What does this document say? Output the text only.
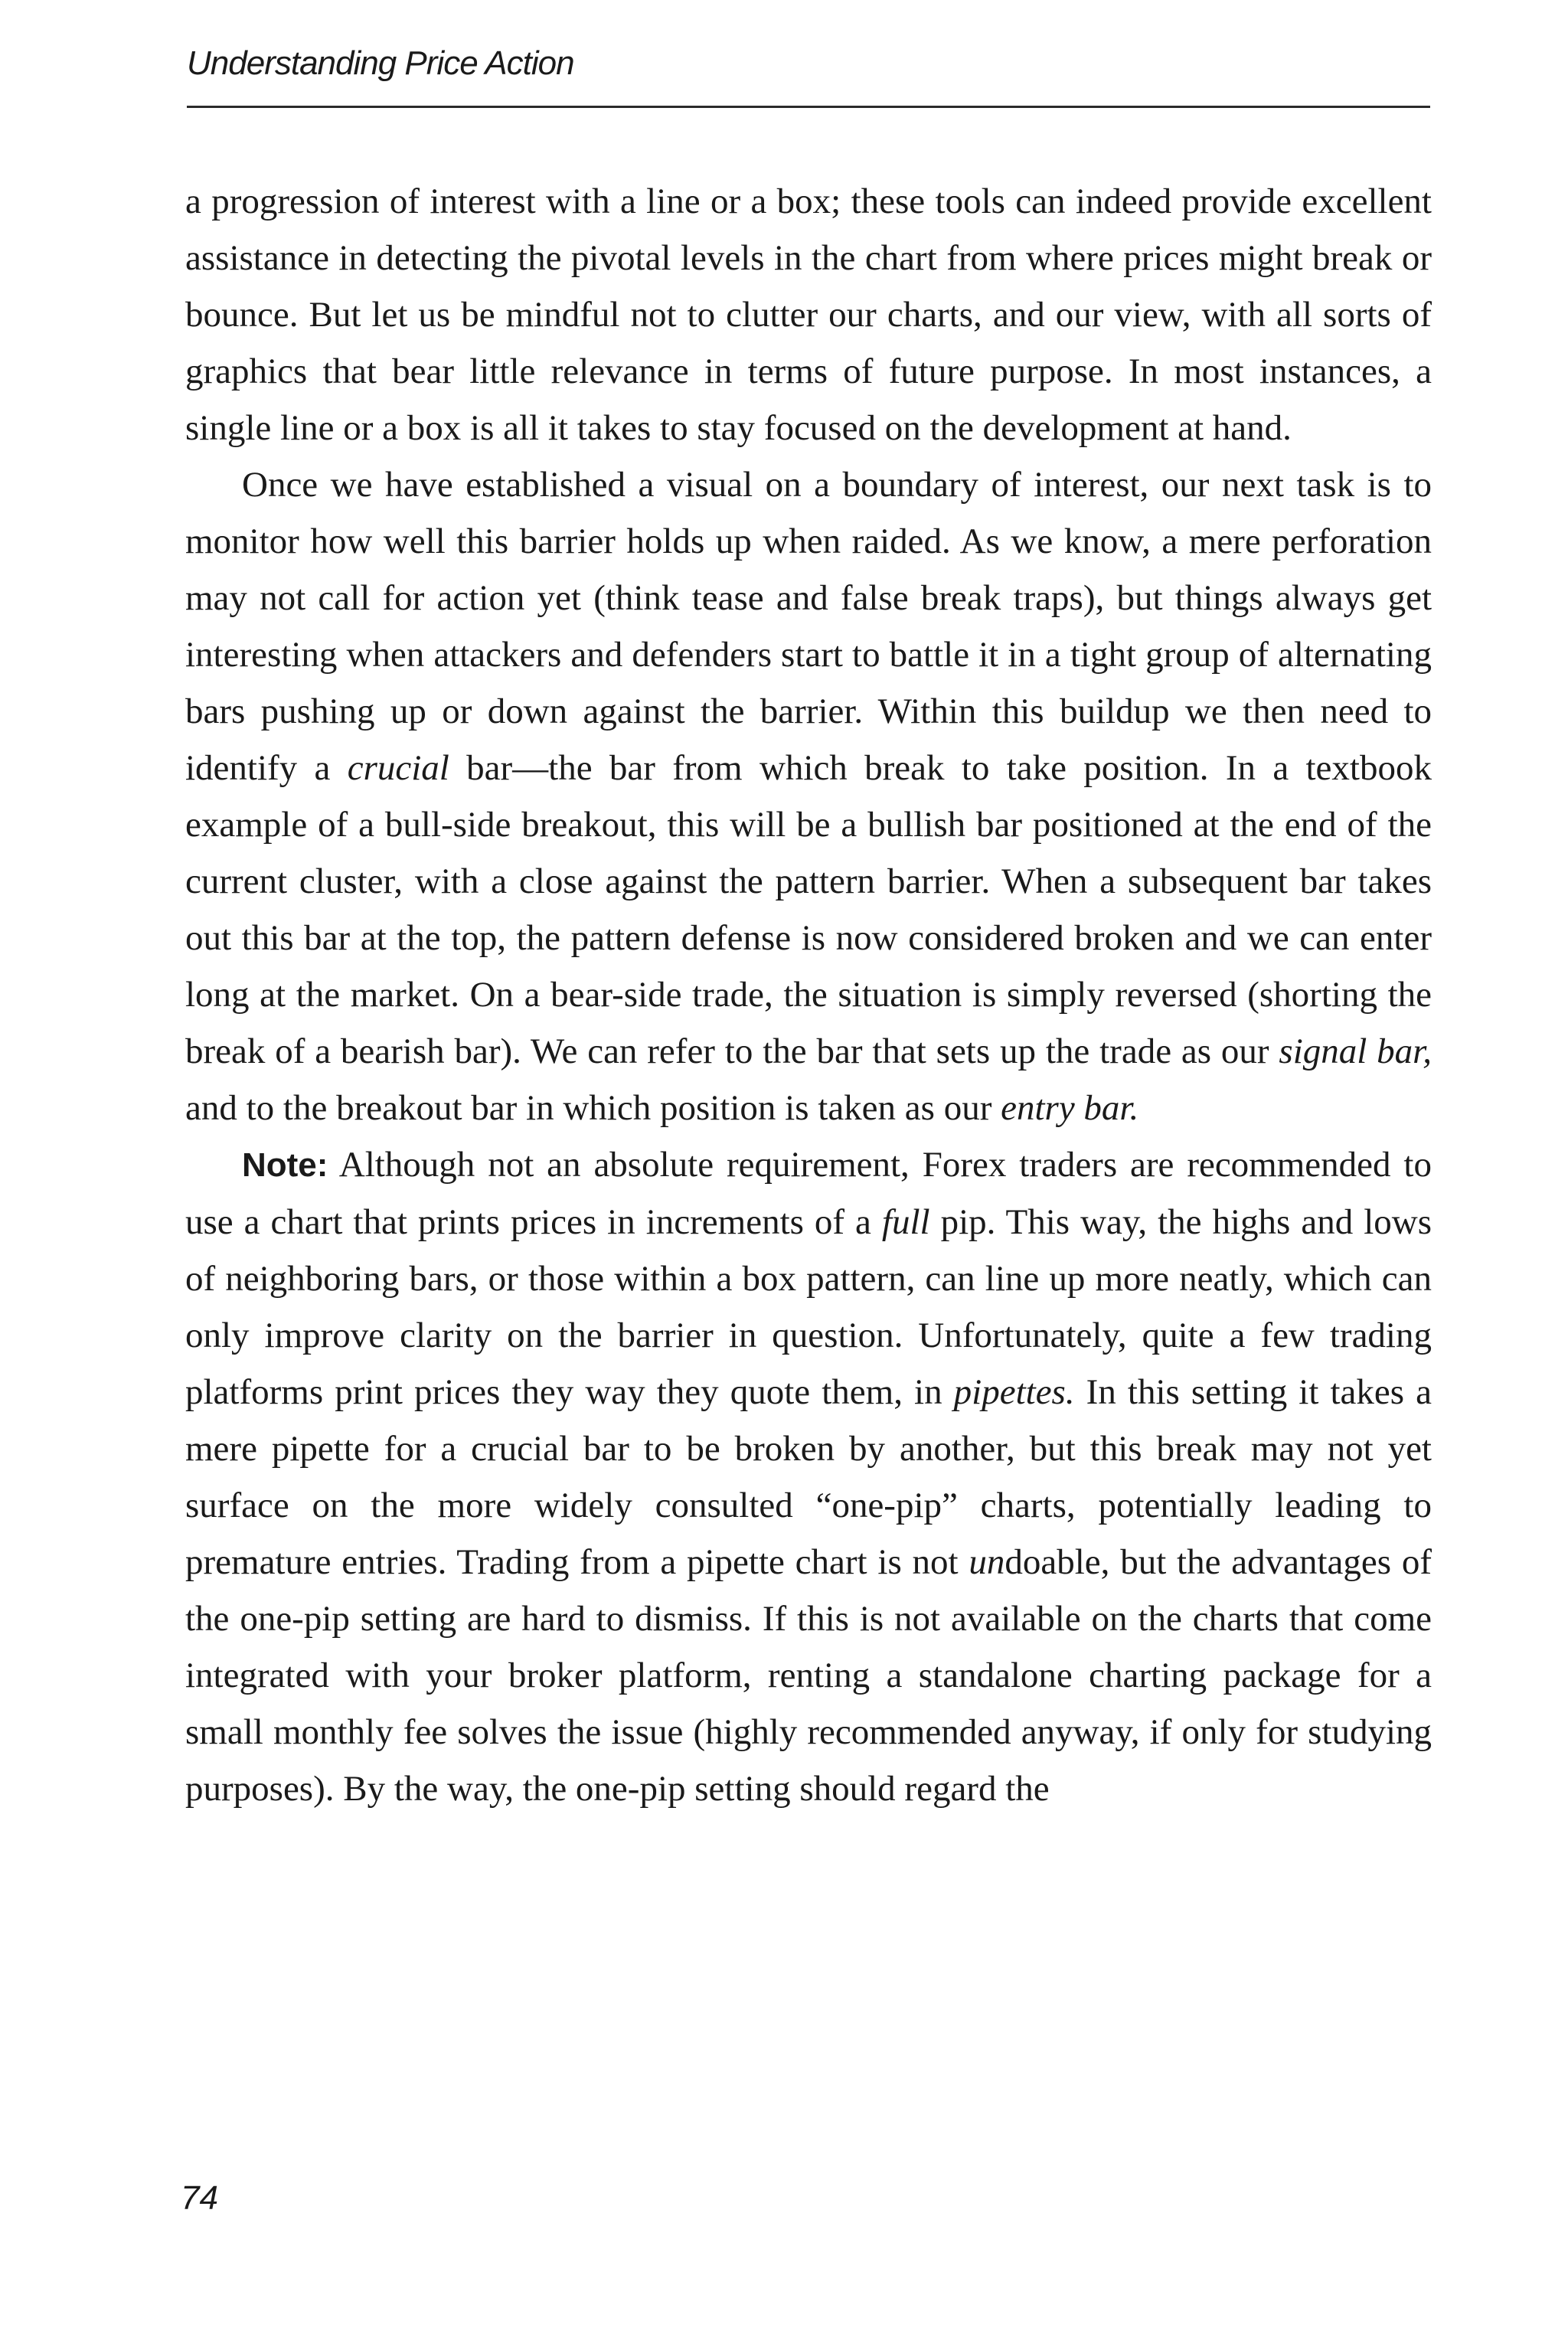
Understanding Price Action

a progression of interest with a line or a box; these tools can indeed provide excellent assistance in detecting the pivotal levels in the chart from where prices might break or bounce. But let us be mindful not to clutter our charts, and our view, with all sorts of graphics that bear little relevance in terms of future purpose. In most instances, a single line or a box is all it takes to stay focused on the development at hand.

Once we have established a visual on a boundary of interest, our next task is to monitor how well this barrier holds up when raided. As we know, a mere perforation may not call for action yet (think tease and false break traps), but things always get interesting when attackers and defenders start to battle it in a tight group of alternating bars pushing up or down against the barrier. Within this buildup we then need to identify a crucial bar—the bar from which break to take position. In a textbook example of a bull-side breakout, this will be a bullish bar positioned at the end of the current cluster, with a close against the pattern barrier. When a subsequent bar takes out this bar at the top, the pattern defense is now considered broken and we can enter long at the market. On a bear-side trade, the situation is simply reversed (shorting the break of a bearish bar). We can refer to the bar that sets up the trade as our signal bar, and to the breakout bar in which position is taken as our entry bar.

Note: Although not an absolute requirement, Forex traders are recommended to use a chart that prints prices in increments of a full pip. This way, the highs and lows of neighboring bars, or those within a box pattern, can line up more neatly, which can only improve clarity on the barrier in question. Unfortunately, quite a few trading platforms print prices they way they quote them, in pipettes. In this setting it takes a mere pipette for a crucial bar to be broken by another, but this break may not yet surface on the more widely consulted “one-pip” charts, potentially leading to premature entries. Trading from a pipette chart is not undoable, but the advantages of the one-pip setting are hard to dismiss. If this is not available on the charts that come integrated with your broker platform, renting a standalone charting package for a small monthly fee solves the issue (highly recommended anyway, if only for studying purposes). By the way, the one-pip setting should regard the

74
